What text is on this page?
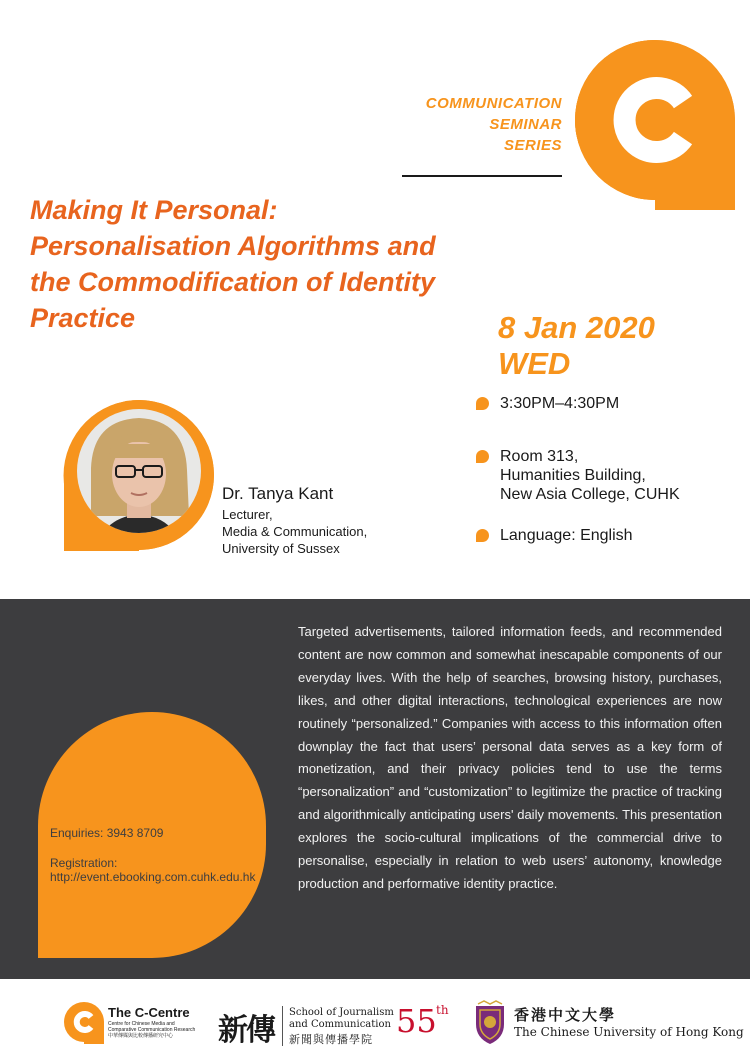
COMMUNICATION
SEMINAR
SERIES
Making It Personal: Personalisation Algorithms and the Commodification of Identity Practice	8 Jan 2020
WED
3:30PM–4:30PM
Room 313,
Humanities Building,
New Asia College, CUHK
Language: English
Dr. Tanya Kant
Lecturer,
Media & Communication,
University of Sussex
Enquiries: 3943 8709
Registration:
http://event.ebooking.com.cuhk.edu.hk
Targeted advertisements, tailored information feeds, and recommended content are now common and somewhat inescapable components of our everyday lives. With the help of searches, browsing history, purchases, likes, and other digital interactions, technological experiences are now routinely “personalized.” Companies with access to this information often downplay the fact that users’ personal data serves as a key form of monetization, and their privacy policies tend to use the terms “personalization” and “customization” to legitimize the practice of tracking and algorithmically anticipating users' daily movements. This presentation explores the socio-cultural implications of the commercial drive to personalise, especially in relation to web users’ autonomy, knowledge production and performative identity practice.
The C-Centre
Centre for Chinese Media and
Comparative Communication Research
中華傳媒與比較傳播研究中心	新傳
School of Journalism
and Communication
新聞與傳播學院 55 th	香港中文大學
The Chinese University of Hong Kong
